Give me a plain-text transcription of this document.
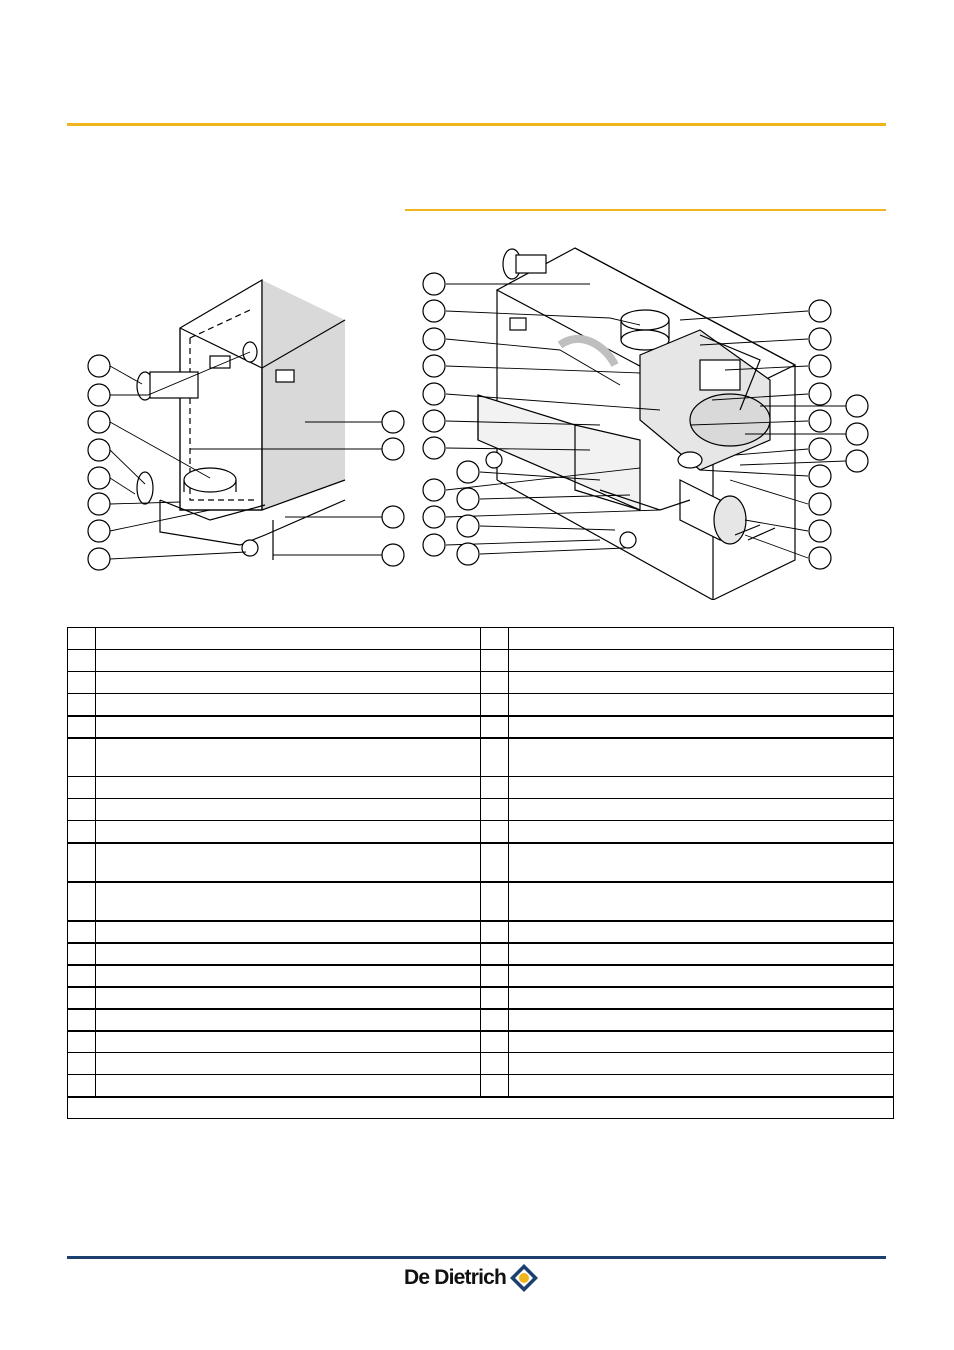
De Dietrich
